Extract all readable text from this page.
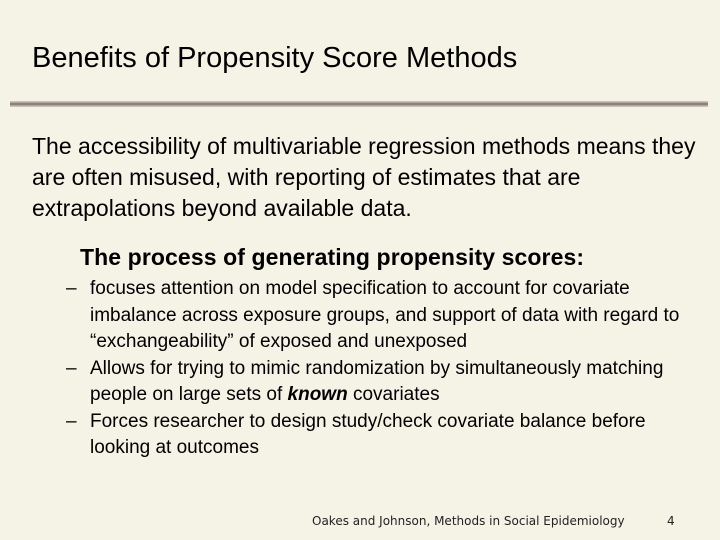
Benefits of Propensity Score Methods

The accessibility of multivariable regression methods means they are often misused, with reporting of estimates that are extrapolations beyond available data.

The process of generating propensity scores:
– focuses attention on model specification to account for covariate imbalance across exposure groups, and support of data with regard to “exchangeability” of exposed and unexposed
– Allows for trying to mimic randomization by simultaneously matching people on large sets of known covariates
– Forces researcher to design study/check covariate balance before looking at outcomes
Oakes and Johnson, Methods in Social Epidemiology	4
